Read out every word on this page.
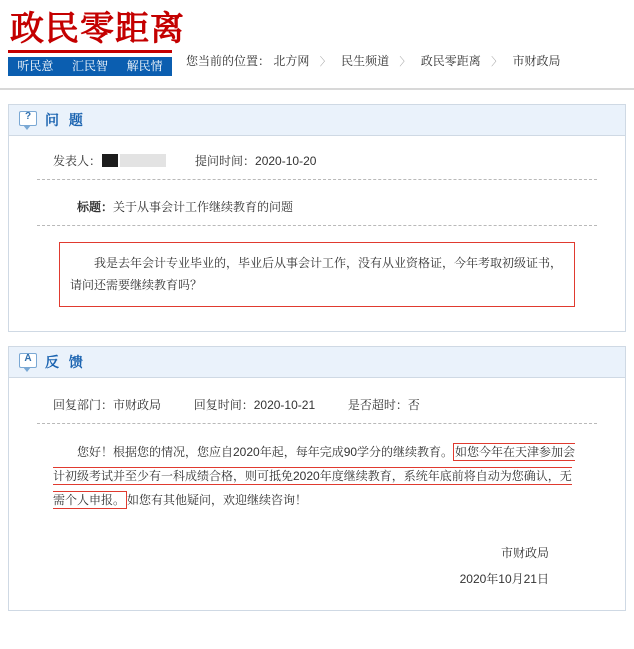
政民零距离
听民意 汇民智 解民情 您当前的位置： 北方网 〉 民生频道 〉 政民零距离 〉 市财政局
? 问 题
发表人：	提问时间： 2020-10-20
标题：关于从事会计工作继续教育的问题
我是去年会计专业毕业的，毕业后从事会计工作，没有从业资格证，今年考取初级证书，请问还需要继续教育吗？
A 反 馈
回复部门：市财政局	回复时间：2020-10-21	是否超时：否
您好！根据您的情况，您应自2020年起，每年完成90学分的继续教育。 如您今年在天津参加会计初级考试并至少有一科成绩合格，则可抵免2020年度继续教育，系统年底前将自动为您确认，无需个人申报。 如您有其他疑问，欢迎继续咨询！
市财政局
2020年10月21日
